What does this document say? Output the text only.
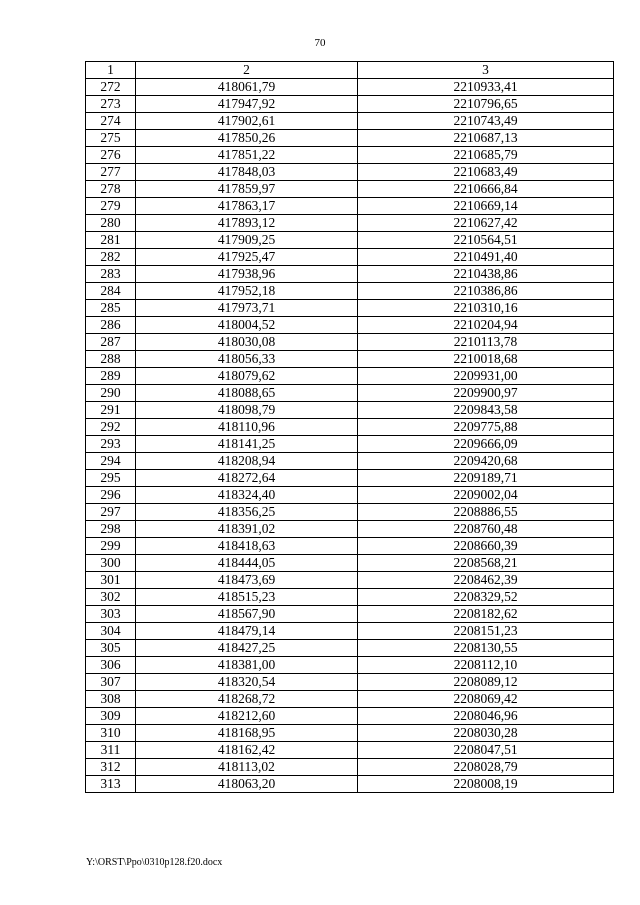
70
1	2	3
272	418061,79	2210933,41
273	417947,92	2210796,65
274	417902,61	2210743,49
275	417850,26	2210687,13
276	417851,22	2210685,79
277	417848,03	2210683,49
278	417859,97	2210666,84
279	417863,17	2210669,14
280	417893,12	2210627,42
281	417909,25	2210564,51
282	417925,47	2210491,40
283	417938,96	2210438,86
284	417952,18	2210386,86
285	417973,71	2210310,16
286	418004,52	2210204,94
287	418030,08	2210113,78
288	418056,33	2210018,68
289	418079,62	2209931,00
290	418088,65	2209900,97
291	418098,79	2209843,58
292	418110,96	2209775,88
293	418141,25	2209666,09
294	418208,94	2209420,68
295	418272,64	2209189,71
296	418324,40	2209002,04
297	418356,25	2208886,55
298	418391,02	2208760,48
299	418418,63	2208660,39
300	418444,05	2208568,21
301	418473,69	2208462,39
302	418515,23	2208329,52
303	418567,90	2208182,62
304	418479,14	2208151,23
305	418427,25	2208130,55
306	418381,00	2208112,10
307	418320,54	2208089,12
308	418268,72	2208069,42
309	418212,60	2208046,96
310	418168,95	2208030,28
311	418162,42	2208047,51
312	418113,02	2208028,79
313	418063,20	2208008,19
Y:\ORST\Ppo\0310p128.f20.docx
